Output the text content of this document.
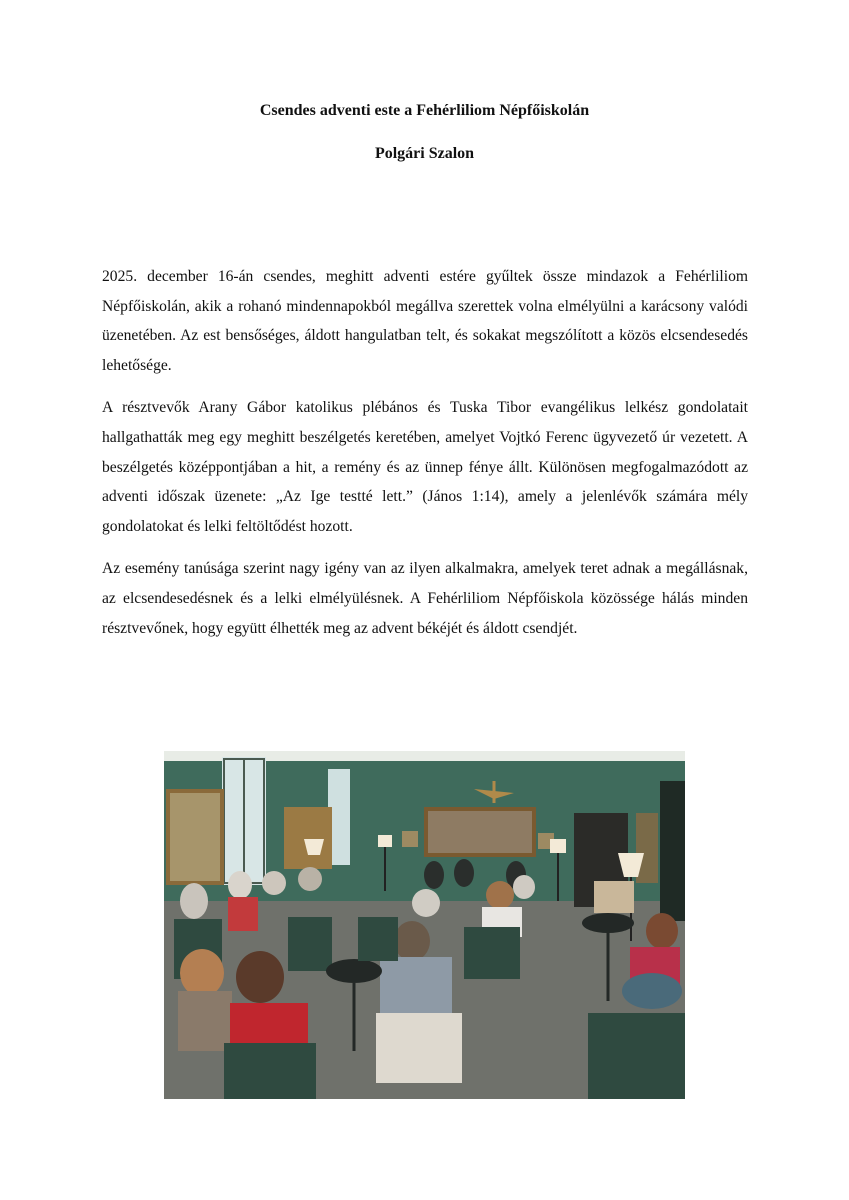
Csendes adventi este a Fehérliliom Népfőiskolán
Polgári Szalon

2025. december 16-án csendes, meghitt adventi estére gyűltek össze mindazok a Fehérliliom Népfőiskolán, akik a rohanó mindennapokból megállva szerettek volna elmélyülni a karácsony valódi üzenetében. Az est bensőséges, áldott hangulatban telt, és sokakat megszólított a közös elcsendesedés lehetősége.

A résztvevők Arany Gábor katolikus plébános és Tuska Tibor evangélikus lelkész gondolatait hallgathatták meg egy meghitt beszélgetés keretében, amelyet Vojtkó Ferenc ügyvezető úr vezetett. A beszélgetés középpontjában a hit, a remény és az ünnep fénye állt. Különösen megfogalmazódott az adventi időszak üzenete: „Az Ige testté lett.” (János 1:14), amely a jelenlévők számára mély gondolatokat és lelki feltöltődést hozott.

Az esemény tanúsága szerint nagy igény van az ilyen alkalmakra, amelyek teret adnak a megállásnak, az elcsendesedésnek és a lelki elmélyülésnek. A Fehérliliom Népfőiskola közössége hálás minden résztvevőnek, hogy együtt élhették meg az advent békéjét és áldott csendjét.
